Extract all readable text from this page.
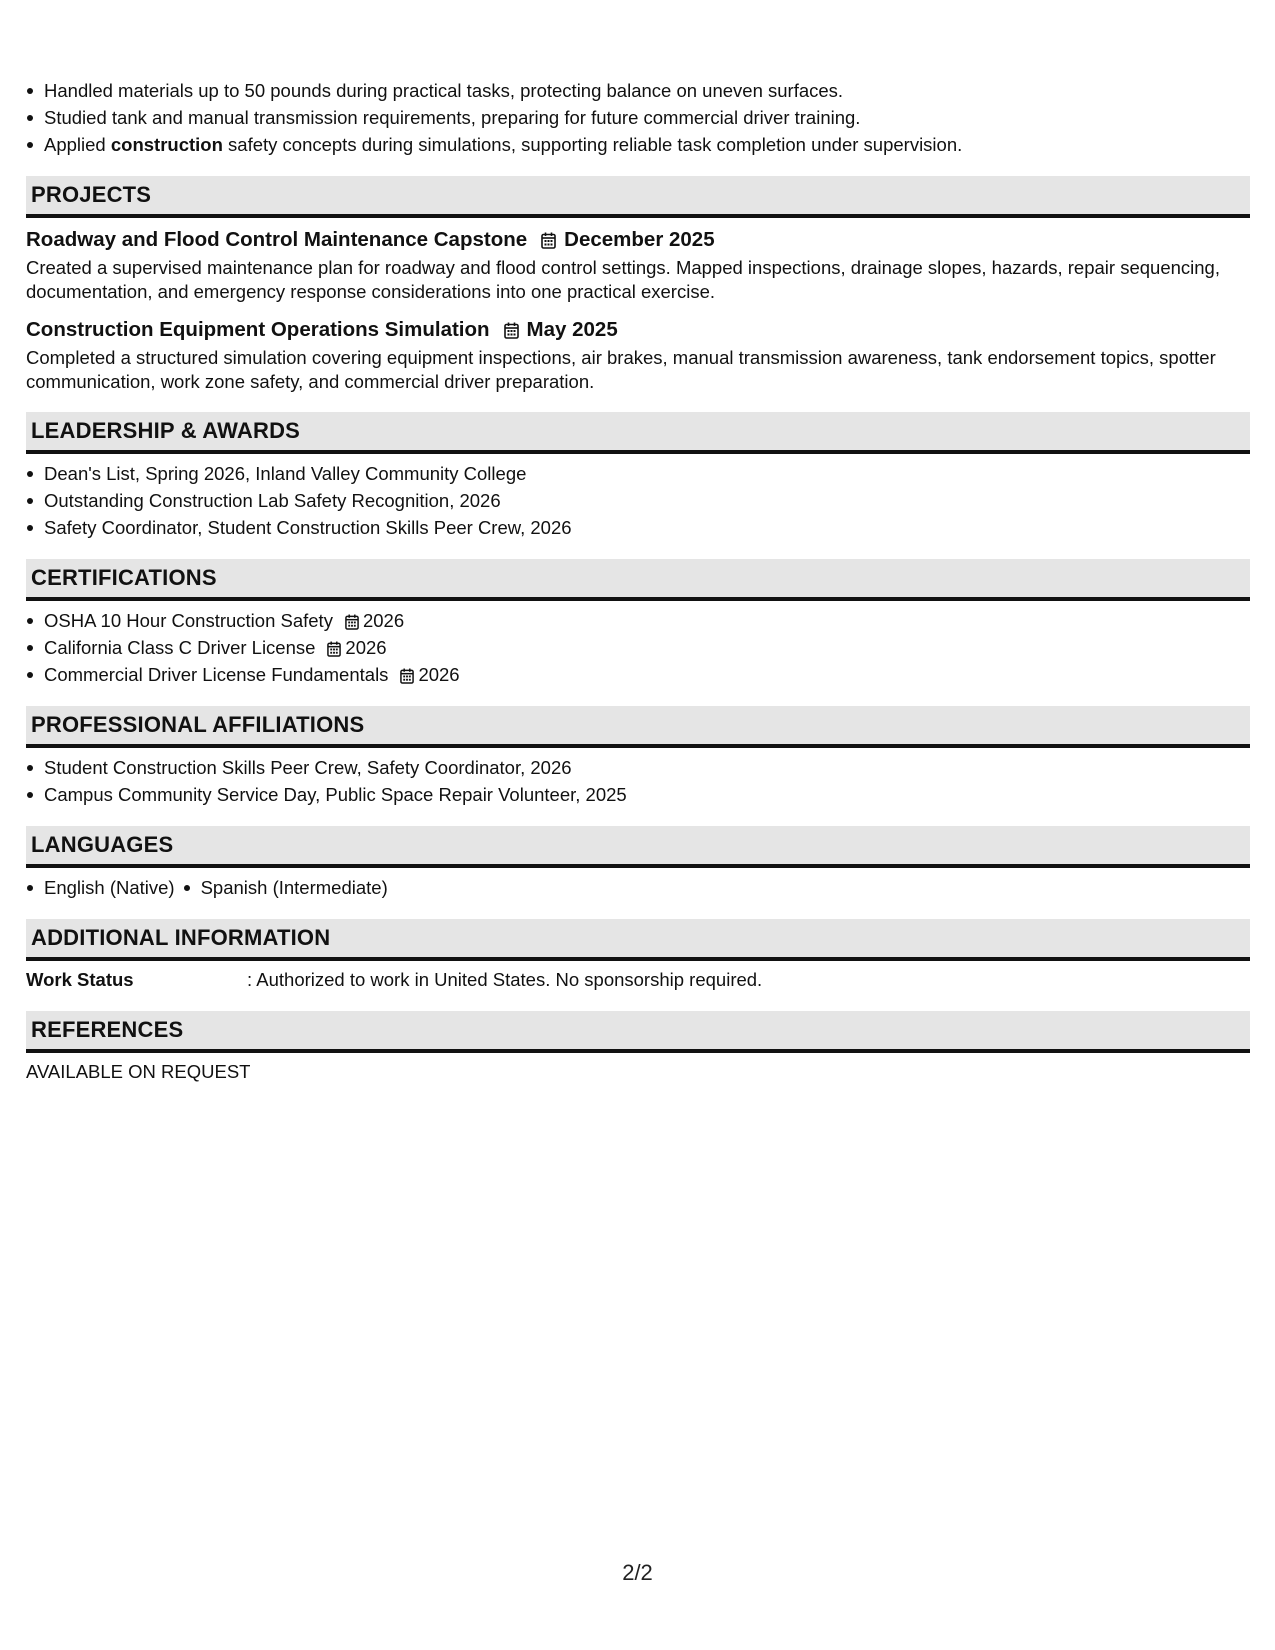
Handled materials up to 50 pounds during practical tasks, protecting balance on uneven surfaces.
Studied tank and manual transmission requirements, preparing for future commercial driver training.
Applied construction safety concepts during simulations, supporting reliable task completion under supervision.
PROJECTS
Roadway and Flood Control Maintenance Capstone December 2025
Created a supervised maintenance plan for roadway and flood control settings. Mapped inspections, drainage slopes, hazards, repair sequencing, documentation, and emergency response considerations into one practical exercise.
Construction Equipment Operations Simulation May 2025
Completed a structured simulation covering equipment inspections, air brakes, manual transmission awareness, tank endorsement topics, spotter communication, work zone safety, and commercial driver preparation.
LEADERSHIP & AWARDS
Dean's List, Spring 2026, Inland Valley Community College
Outstanding Construction Lab Safety Recognition, 2026
Safety Coordinator, Student Construction Skills Peer Crew, 2026
CERTIFICATIONS
OSHA 10 Hour Construction Safety 2026
California Class C Driver License 2026
Commercial Driver License Fundamentals 2026
PROFESSIONAL AFFILIATIONS
Student Construction Skills Peer Crew, Safety Coordinator, 2026
Campus Community Service Day, Public Space Repair Volunteer, 2025
LANGUAGES
English (Native) Spanish (Intermediate)
ADDITIONAL INFORMATION
Work Status	: Authorized to work in United States. No sponsorship required.
REFERENCES
AVAILABLE ON REQUEST
2/2
